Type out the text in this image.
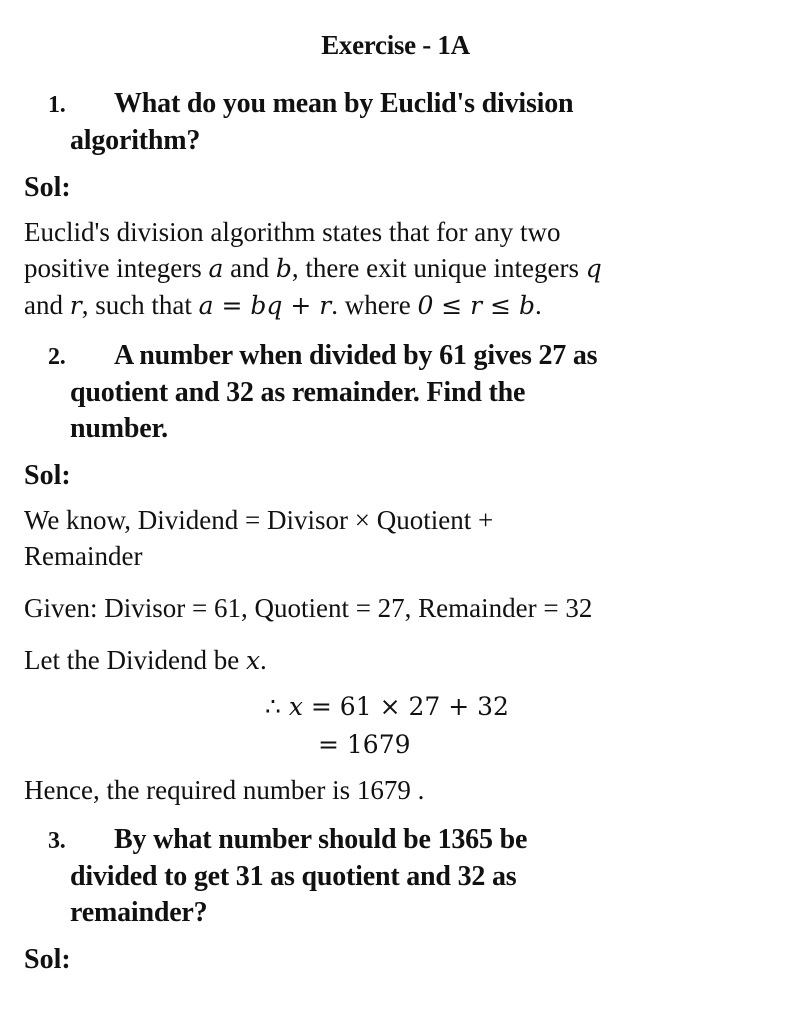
Exercise - 1A
1. What do you mean by Euclid's division
algorithm?
Sol:
Euclid's division algorithm states that for any two
positive integers a and b, there exit unique integers q
and r, such that a = bq + r. where 0 ≤ r ≤ b.
2. A number when divided by 61 gives 27 as
quotient and 32 as remainder. Find the
number.
Sol:
We know, Dividend = Divisor × Quotient +
Remainder
Given: Divisor = 61, Quotient = 27, Remainder = 32
Let the Dividend be x.
∴ x = 61 × 27 + 32
= 1679
Hence, the required number is 1679 .
3. By what number should be 1365 be
divided to get 31 as quotient and 32 as
remainder?
Sol:
